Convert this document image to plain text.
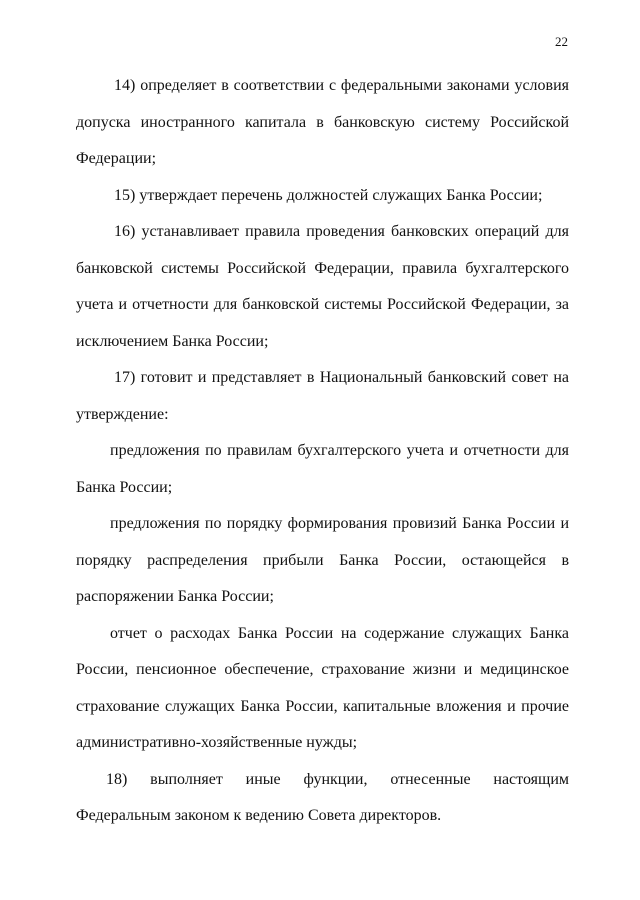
22

14) определяет в соответствии с федеральными законами условия допуска иностранного капитала в банковскую систему Российской Федерации;

15) утверждает перечень должностей служащих Банка России;

16) устанавливает правила проведения банковских операций для банковской системы Российской Федерации, правила бухгалтерского учета и отчетности для банковской системы Российской Федерации, за исключением Банка России;

17) готовит и представляет в Национальный банковский совет на утверждение:

предложения по правилам бухгалтерского учета и отчетности для Банка России;

предложения по порядку формирования провизий Банка России и порядку распределения прибыли Банка России, остающейся в распоряжении Банка России;

отчет о расходах Банка России на содержание служащих Банка России, пенсионное обеспечение, страхование жизни и медицинское страхование служащих Банка России, капитальные вложения и прочие административно-хозяйственные нужды;

18) выполняет иные функции, отнесенные настоящим Федеральным законом к ведению Совета директоров.
